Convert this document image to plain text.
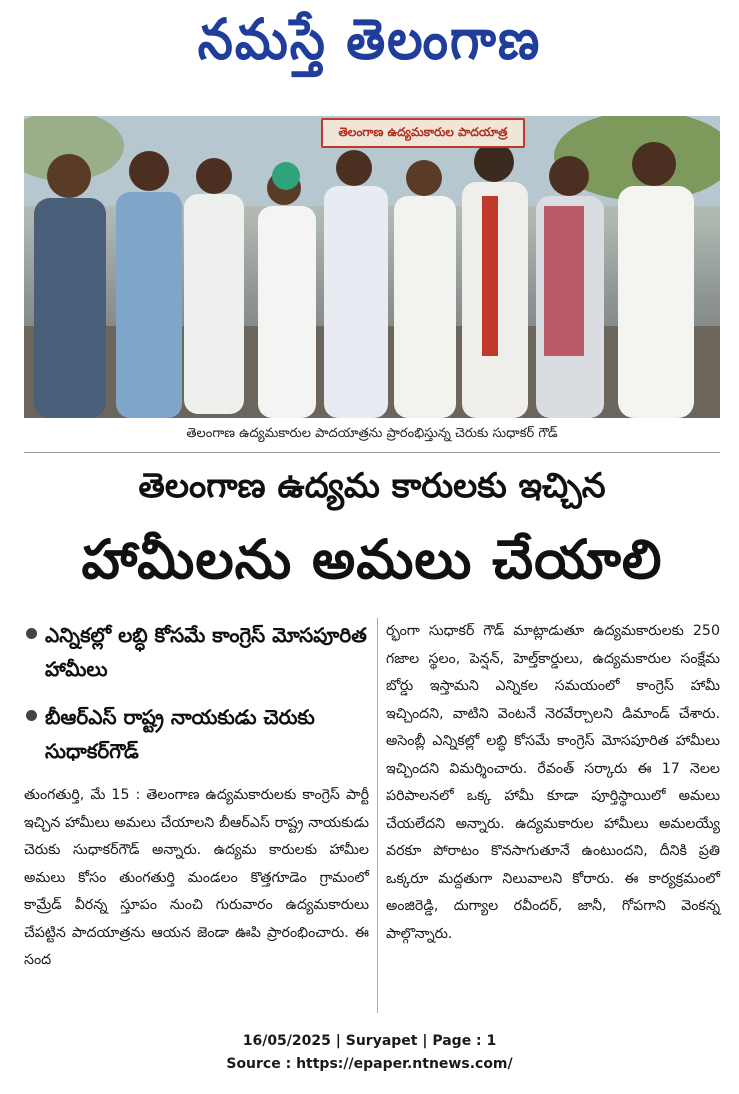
నమస్తే తెలంగాణ
తెలంగాణ ఉద్యమకారుల పాదయాత్ర
తెలంగాణ ఉద్యమకారుల పాదయాత్రను ప్రారంభిస్తున్న చెరుకు సుధాకర్ గౌడ్
తెలంగాణ ఉద్యమ కారులకు ఇచ్చిన
హామీలను అమలు చేయాలి
ఎన్నికల్లో లబ్ధి కోసమే కాంగ్రెస్ మోసపూరిత హామీలు
బీఆర్ఎస్ రాష్ట్ర నాయకుడు చెరుకు సుధాకర్‌గౌడ్
తుంగతుర్తి, మే 15 : తెలంగాణ ఉద్యమకారులకు కాంగ్రెస్ పార్టీ ఇచ్చిన హామీలు అమలు చేయాలని బీఆర్ఎస్ రాష్ట్ర నాయకుడు చెరుకు సుధాకర్‌గౌడ్ అన్నారు. ఉద్యమ కారులకు హామీల అమలు కోసం తుంగతుర్తి మండలం కొత్తగూడెం గ్రామంలో కామ్రేడ్ వీరన్న స్తూపం నుంచి గురువారం ఉద్యమకారులు చేపట్టిన పాదయాత్రను ఆయన జెండా ఊపి ప్రారంభించారు. ఈ సంద
ర్భంగా సుధాకర్ గౌడ్ మాట్లాడుతూ ఉద్యమకారులకు 250 గజాల స్థలం, పెన్షన్, హెల్త్‌కార్డులు, ఉద్యమకారుల సంక్షేమ బోర్డు ఇస్తామని ఎన్నికల సమయంలో కాంగ్రెస్ హామీ ఇచ్చిందని, వాటిని వెంటనే నెరవేర్చాలని డిమాండ్ చేశారు. అసెంబ్లీ ఎన్నికల్లో లబ్ధి కోసమే కాంగ్రెస్ మోసపూరిత హామీలు ఇచ్చిందని విమర్శించారు. రేవంత్ సర్కారు ఈ 17 నెలల పరిపాలనలో ఒక్క హామీ కూడా పూర్తిస్థాయిలో అమలు చేయలేదని అన్నారు. ఉద్యమకారుల హామీలు అమలయ్యే వరకూ పోరాటం కొనసాగుతూనే ఉంటుందని, దీనికి ప్రతి ఒక్కరూ మద్దతుగా నిలువాలని కోరారు. ఈ కార్యక్రమంలో అంజిరెడ్డి, దుగ్యాల రవీందర్, జానీ, గోపగాని వెంకన్న పాల్గొన్నారు.
16/05/2025 | Suryapet | Page : 1
Source : https://epaper.ntnews.com/
